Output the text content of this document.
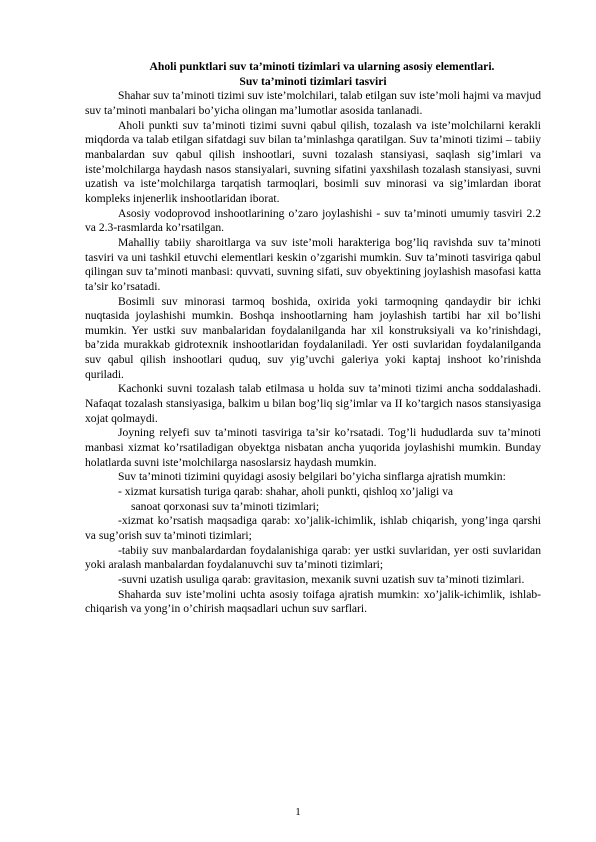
Aholi punktlari suv ta’minoti tizimlari va ularning asosiy elementlari.

Suv ta’minoti tizimlari tasviri

Shahar suv ta’minoti tizimi suv iste’molchilari, talab etilgan suv iste’moli hajmi va mavjud suv ta’minoti manbalari bo’yicha olingan ma’lumotlar asosida tanlanadi.

Aholi punkti suv ta’minoti tizimi suvni qabul qilish, tozalash va iste’molchilarni kerakli miqdorda va talab etilgan sifatdagi suv bilan ta’minlashga qaratilgan. Suv ta’minoti tizimi – tabiiy manbalardan suv qabul qilish inshootlari, suvni tozalash stansiyasi, saqlash sig’imlari va iste’molchilarga haydash nasos stansiyalari, suvning sifatini yaxshilash tozalash stansiyasi, suvni uzatish va iste’molchilarga tarqatish tarmoqlari, bosimli suv minorasi va sig’imlardan iborat kompleks injenerlik inshootlaridan iborat.

Asosiy vodoprovod inshootlarining o’zaro joylashishi - suv ta’minoti umumiy tasviri 2.2 va 2.3-rasmlarda ko’rsatilgan.

Mahalliy tabiiy sharoitlarga va suv iste’moli harakteriga bog’liq ravishda suv ta’minoti tasviri va uni tashkil etuvchi elementlari keskin o’zgarishi mumkin. Suv ta’minoti tasviriga qabul qilingan suv ta’minoti manbasi: quvvati, suvning sifati, suv obyektining joylashish masofasi katta ta’sir ko’rsatadi.

Bosimli suv minorasi tarmoq boshida, oxirida yoki tarmoqning qandaydir bir ichki nuqtasida joylashishi mumkin. Boshqa inshootlarning ham joylashish tartibi har xil bo’lishi mumkin. Yer ustki suv manbalaridan foydalanilganda har xil konstruksiyali va ko’rinishdagi, ba’zida murakkab gidrotexnik inshootlaridan foydalaniladi. Yer osti suvlaridan foydalanilganda suv qabul qilish inshootlari quduq, suv yig’uvchi galeriya yoki kaptaj inshoot ko’rinishda quriladi.

Kachonki suvni tozalash talab etilmasa u holda suv ta’minoti tizimi ancha soddalashadi. Nafaqat tozalash stansiyasiga, balkim u bilan bog’liq sig’imlar va II ko’targich nasos stansiyasiga xojat qolmaydi.

Joyning relyefi suv ta’minoti tasviriga ta’sir ko’rsatadi. Tog’li hududlarda suv ta’minoti manbasi xizmat ko’rsatiladigan obyektga nisbatan ancha yuqorida joylashishi mumkin. Bunday holatlarda suvni iste’molchilarga nasoslarsiz haydash mumkin.

Suv ta’minoti tizimini quyidagi asosiy belgilari bo’yicha sinflarga ajratish mumkin:

- xizmat kursatish turiga qarab: shahar, aholi punkti, qishloq xo’jaligi va
sanoat qorxonasi suv ta’minoti tizimlari;

-xizmat ko’rsatish maqsadiga qarab: xo’jalik-ichimlik, ishlab chiqarish, yong’inga qarshi va sug’orish suv ta’minoti tizimlari;

-tabiiy suv manbalardardan foydalanishiga qarab: yer ustki suvlaridan, yer osti suvlaridan yoki aralash manbalardan foydalanuvchi suv ta’minoti tizimlari;

-suvni uzatish usuliga qarab: gravitasion, mexanik suvni uzatish suv ta’minoti tizimlari.

Shaharda suv iste’molini uchta asosiy toifaga ajratish mumkin: xo’jalik-ichimlik, ishlab-chiqarish va yong’in o’chirish maqsadlari uchun suv sarflari.

1
